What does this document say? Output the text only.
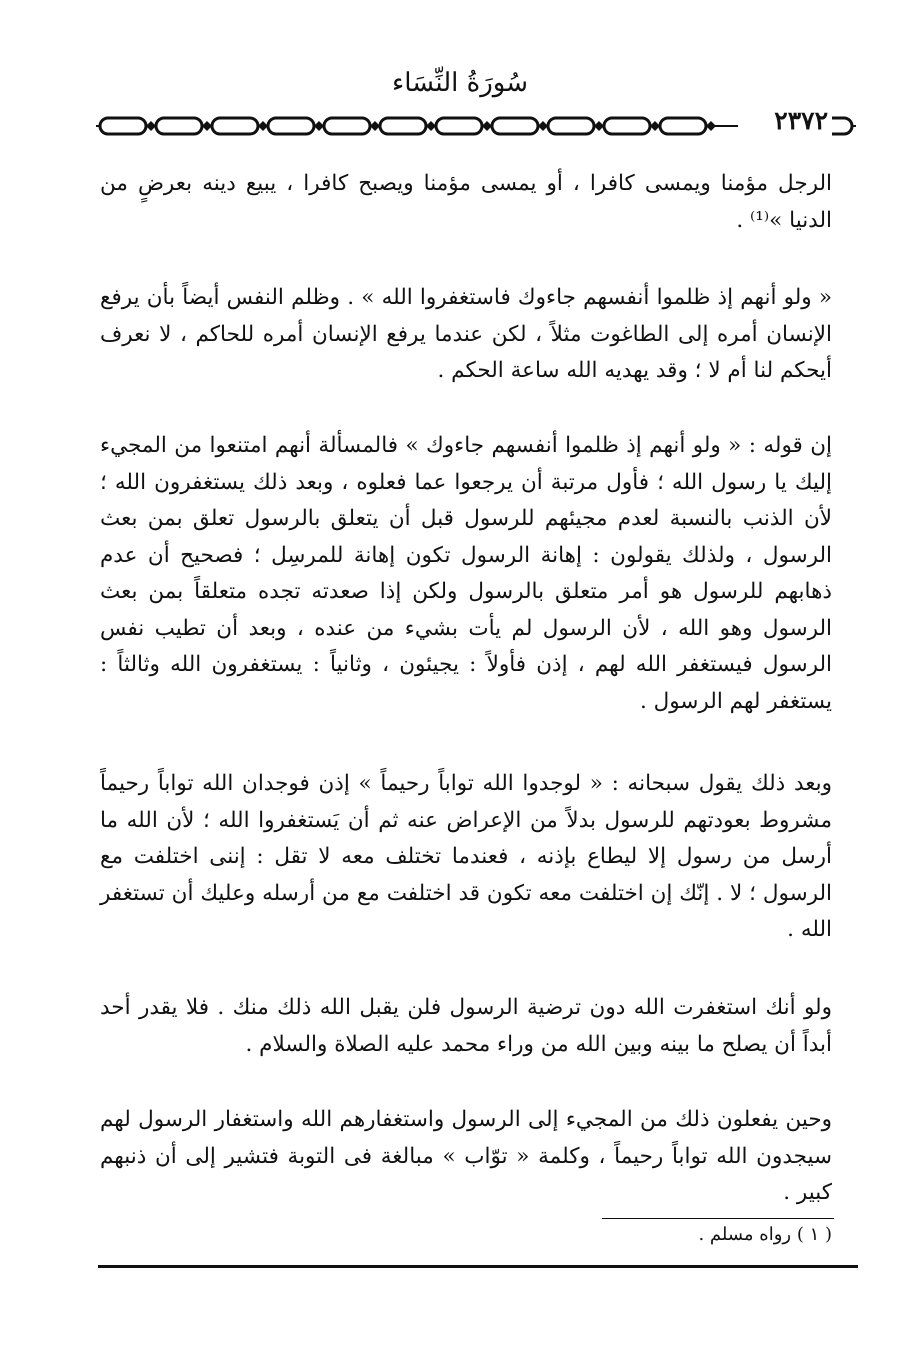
سُورَةُ النِّسَاء
٢٣٧٢

الرجل مؤمنا ويمسى كافرا ، أو يمسى مؤمنا ويصبح كافرا ، يبيع دينه بعرضٍ من الدنيا »⁽¹⁾ .

« ولو أنهم إذ ظلموا أنفسهم جاءوك فاستغفروا الله » . وظلم النفس أيضاً بأن يرفع الإنسان أمره إلى الطاغوت مثلاً ، لكن عندما يرفع الإنسان أمره للحاكم ، لا نعرف أيحكم لنا أم لا ؛ وقد يهديه الله ساعة الحكم .

إن قوله : « ولو أنهم إذ ظلموا أنفسهم جاءوك » فالمسألة أنهم امتنعوا من المجيء إليك يا رسول الله ؛ فأول مرتبة أن يرجعوا عما فعلوه ، وبعد ذلك يستغفرون الله ؛ لأن الذنب بالنسبة لعدم مجيئهم للرسول قبل أن يتعلق بالرسول تعلق بمن بعث الرسول ، ولذلك يقولون : إهانة الرسول تكون إهانة للمرسِل ؛ فصحيح أن عدم ذهابهم للرسول هو أمر متعلق بالرسول ولكن إذا صعدته تجده متعلقاً بمن بعث الرسول وهو الله ، لأن الرسول لم يأت بشيء من عنده ، وبعد أن تطيب نفس الرسول فيستغفر الله لهم ، إذن فأولاً : يجيئون ، وثانياً : يستغفرون الله وثالثاً : يستغفر لهم الرسول .

وبعد ذلك يقول سبحانه : « لوجدوا الله تواباً رحيماً » إذن فوجدان الله تواباً رحيماً مشروط بعودتهم للرسول بدلاً من الإعراض عنه ثم أن يَستغفروا الله ؛ لأن الله ما أرسل من رسول إلا ليطاع بإذنه ، فعندما تختلف معه لا تقل : إننى اختلفت مع الرسول ؛ لا . إنّك إن اختلفت معه تكون قد اختلفت مع من أرسله وعليك أن تستغفر الله .

ولو أنك استغفرت الله دون ترضية الرسول فلن يقبل الله ذلك منك . فلا يقدر أحد أبداً أن يصلح ما بينه وبين الله من وراء محمد عليه الصلاة والسلام .

وحين يفعلون ذلك من المجيء إلى الرسول واستغفارهم الله واستغفار الرسول لهم سيجدون الله تواباً رحيماً ، وكلمة « توّاب » مبالغة فى التوبة فتشير إلى أن ذنبهم كبير .

( ١ ) رواه مسلم .
